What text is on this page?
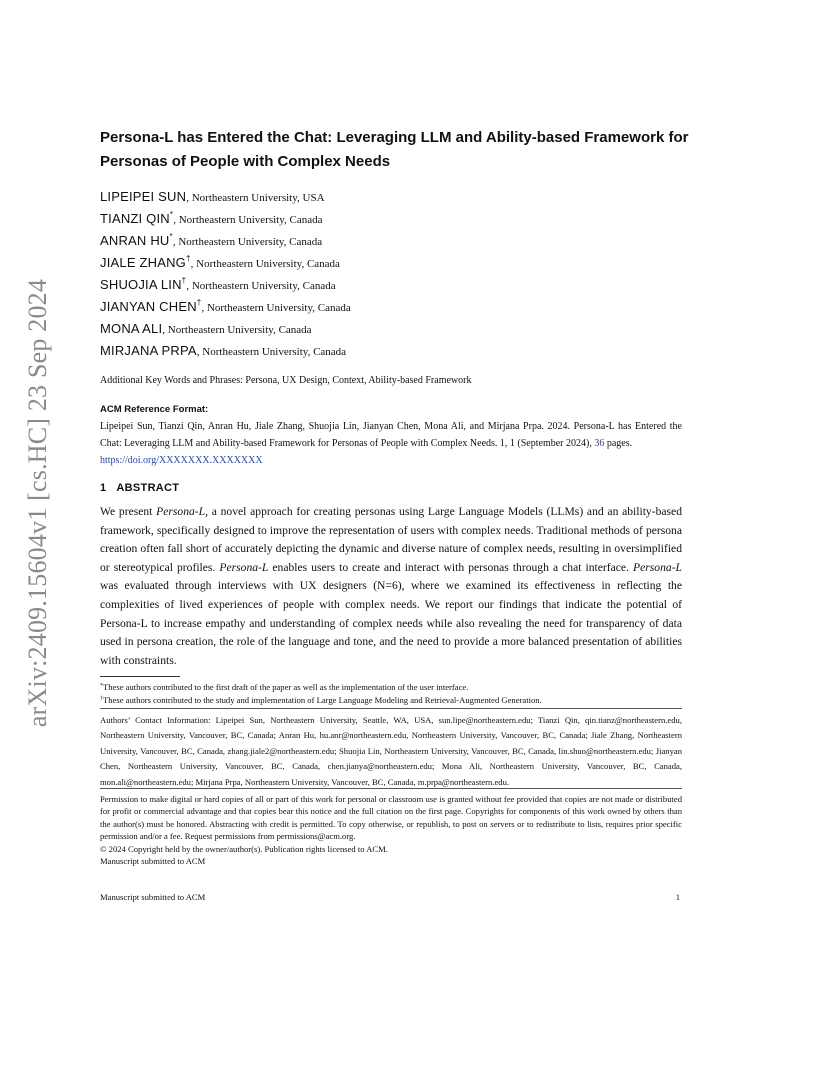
arXiv:2409.15604v1 [cs.HC] 23 Sep 2024
Persona-L has Entered the Chat: Leveraging LLM and Ability-based Framework for Personas of People with Complex Needs
LIPEIPEI SUN, Northeastern University, USA
TIANZI QIN*, Northeastern University, Canada
ANRAN HU*, Northeastern University, Canada
JIALE ZHANG†, Northeastern University, Canada
SHUOJIA LIN†, Northeastern University, Canada
JIANYAN CHEN†, Northeastern University, Canada
MONA ALI, Northeastern University, Canada
MIRJANA PRPA, Northeastern University, Canada
Additional Key Words and Phrases: Persona, UX Design, Context, Ability-based Framework
ACM Reference Format:
Lipeipei Sun, Tianzi Qin, Anran Hu, Jiale Zhang, Shuojia Lin, Jianyan Chen, Mona Ali, and Mirjana Prpa. 2024. Persona-L has Entered the Chat: Leveraging LLM and Ability-based Framework for Personas of People with Complex Needs. 1, 1 (September 2024), 36 pages.
https://doi.org/XXXXXXX.XXXXXXX
1 ABSTRACT
We present Persona-L, a novel approach for creating personas using Large Language Models (LLMs) and an ability-based framework, specifically designed to improve the representation of users with complex needs. Traditional methods of persona creation often fall short of accurately depicting the dynamic and diverse nature of complex needs, resulting in oversimplified or stereotypical profiles. Persona-L enables users to create and interact with personas through a chat interface. Persona-L was evaluated through interviews with UX designers (N=6), where we examined its effectiveness in reflecting the complexities of lived experiences of people with complex needs. We report our findings that indicate the potential of Persona-L to increase empathy and understanding of complex needs while also revealing the need for transparency of data used in persona creation, the role of the language and tone, and the need to provide a more balanced presentation of abilities with constraints.
*These authors contributed to the first draft of the paper as well as the implementation of the user interface.
†These authors contributed to the study and implementation of Large Language Modeling and Retrieval-Augmented Generation.
Authors’ Contact Information: Lipeipei Sun, Northeastern University, Seattle, WA, USA, sun.lipe@northeastern.edu; Tianzi Qin, qin.tianz@northeastern.edu, Northeastern University, Vancouver, BC, Canada; Anran Hu, hu.anr@northeastern.edu, Northeastern University, Vancouver, BC, Canada; Jiale Zhang, Northeastern University, Vancouver, BC, Canada, zhang.jiale2@northeastern.edu; Shuojia Lin, Northeastern University, Vancouver, BC, Canada, lin.shuo@northeastern.edu; Jianyan Chen, Northeastern University, Vancouver, BC, Canada, chen.jianya@northeastern.edu; Mona Ali, Northeastern University, Vancouver, BC, Canada, mon.ali@northeastern.edu; Mirjana Prpa, Northeastern University, Vancouver, BC, Canada, m.prpa@northeastern.edu.
Permission to make digital or hard copies of all or part of this work for personal or classroom use is granted without fee provided that copies are not made or distributed for profit or commercial advantage and that copies bear this notice and the full citation on the first page. Copyrights for components of this work owned by others than the author(s) must be honored. Abstracting with credit is permitted. To copy otherwise, or republish, to post on servers or to redistribute to lists, requires prior specific permission and/or a fee. Request permissions from permissions@acm.org.
© 2024 Copyright held by the owner/author(s). Publication rights licensed to ACM.
Manuscript submitted to ACM
Manuscript submitted to ACM	1
